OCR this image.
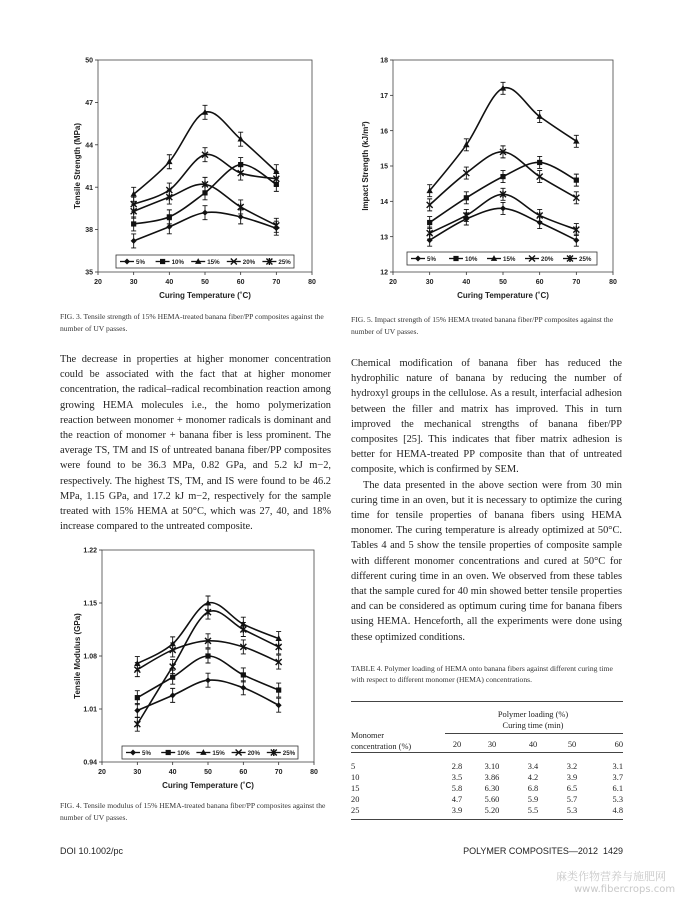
35
38
41
44
47
50
20	30	40	50	60	70	80
Curing Temperature (˚C)
Tensile Strength (MPa)
5%	10%	15%	20%	25%
FIG. 3. Tensile strength of 15% HEMA-treated banana fiber/PP composites against the number of UV passes.
12
13
14
15
16
17
18
20	30	40	50	60	70	80
Curing Temperature (˚C)
Impact Strength (kJ/m²)
5%	10%	15%	20%	25%
FIG. 5. Impact strength of 15% HEMA treated banana fiber/PP composites against the number of UV passes.
0.94
1.01
1.08
1.15
1.22
20	30	40	50	60	70	80
Curing Temperature (˚C)
Tensile Modulus (GPa)
5%	10%	15%	20%	25%
FIG. 4. Tensile modulus of 15% HEMA-treated banana fiber/PP composites against the number of UV passes.

The decrease in properties at higher monomer concentration could be associated with the fact that at higher monomer concentration, the radical–radical recombination reaction among growing HEMA molecules i.e., the homo polymerization reaction between monomer + monomer radicals is dominant and the reaction of monomer + banana fiber is less prominent. The average TS, TM and IS of untreated banana fiber/PP composites were found to be 36.3 MPa, 0.82 GPa, and 5.2 kJ m−2, respectively. The highest TS, TM, and IS were found to be 46.2 MPa, 1.15 GPa, and 17.2 kJ m−2, respectively for the sample treated with 15% HEMA at 50°C, which was 27, 40, and 18% increase compared to the untreated composite.

Chemical modification of banana fiber has reduced the hydrophilic nature of banana by reducing the number of hydroxyl groups in the cellulose. As a result, interfacial adhesion between the filler and matrix has improved. This in turn improved the mechanical strengths of banana fiber/PP composites [25]. This indicates that fiber matrix adhesion is better for HEMA-treated PP composite than that of untreated composite, which is confirmed by SEM.

The data presented in the above section were from 30 min curing time in an oven, but it is necessary to optimize the curing time for tensile properties of banana fibers using HEMA monomer. The curing temperature is already optimized at 50°C. Tables 4 and 5 show the tensile properties of composite sample with different monomer concentrations and cured at 50°C for different curing time in an oven. We observed from these tables that the sample cured for 40 min showed better tensile properties and can be considered as optimum curing time for banana fibers using HEMA. Henceforth, all the experiments were done using these optimized conditions.

TABLE 4. Polymer loading of HEMA onto banana fibers against different curing time with respect to different monomer (HEMA) concentrations.
Polymer loading (%)
Curing time (min)
Monomer
concentration (%)
		20	30	40	50	60

5	2.8	3.10	3.4	3.2	3.1
10	3.5	3.86	4.2	3.9	3.7
15	5.8	6.30	6.8	6.5	6.1
20	4.7	5.60	5.9	5.7	5.3
25	3.9	5.20	5.5	5.3	4.8

DOI 10.1002/pc	POLYMER COMPOSITES—2012 1429
麻类作物营养与施肥网
www.fibercrops.com
